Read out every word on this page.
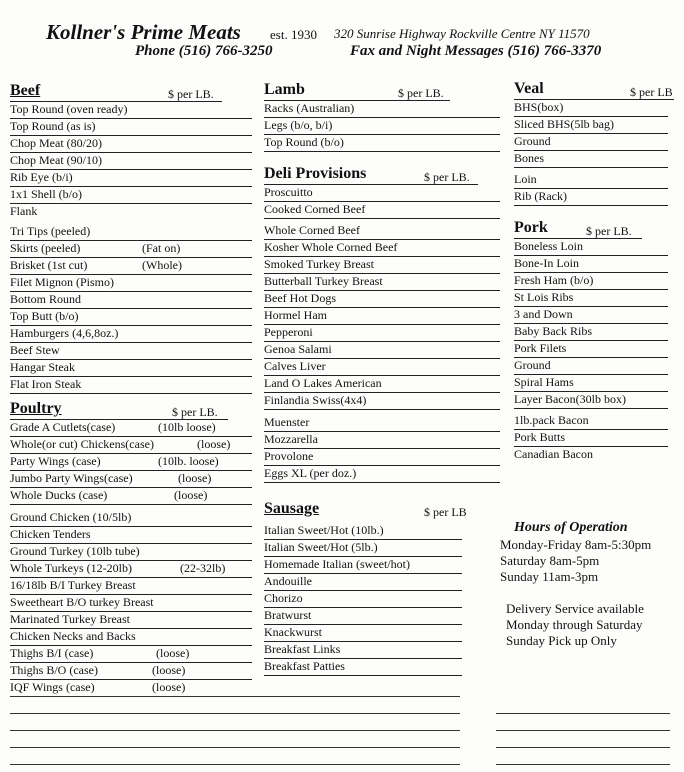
Kollner's Prime Meats est. 1930 320 Sunrise Highway Rockville Centre NY 11570
Phone (516) 766-3250	Fax and Night Messages (516) 766-3370
Beef	$ per LB.
Top Round (oven ready)
Top Round (as is)
Chop Meat (80/20)
Chop Meat (90/10)
Rib Eye (b/i)
1x1 Shell (b/o)
Flank
Tri Tips (peeled)
Skirts (peeled)	(Fat on)
Brisket (1st cut)	(Whole)
Filet Mignon (Pismo)
Bottom Round
Top Butt (b/o)
Hamburgers (4,6,8oz.)
Beef Stew
Hangar Steak
Flat Iron Steak
Poultry	$ per LB.
Grade A Cutlets(case)	(10lb loose)
Whole(or cut) Chickens(case)	(loose)
Party Wings (case)	(10lb. loose)
Jumbo Party Wings(case)	(loose)
Whole Ducks (case)	(loose)
Ground Chicken (10/5lb)
Chicken Tenders
Ground Turkey (10lb tube)
Whole Turkeys (12-20lb)	(22-32lb)
16/18lb B/I Turkey Breast
Sweetheart B/O turkey Breast
Marinated Turkey Breast
Chicken Necks and Backs
Thighs B/I (case)	(loose)
Thighs B/O (case)	(loose)
IQF Wings (case)	(loose)
Lamb	$ per LB.
Racks (Australian)
Legs (b/o, b/i)
Top Round (b/o)
Deli Provisions	$ per LB.
Proscuitto
Cooked Corned Beef
Whole Corned Beef
Kosher Whole Corned Beef
Smoked Turkey Breast
Butterball Turkey Breast
Beef Hot Dogs
Hormel Ham
Pepperoni
Genoa Salami
Calves Liver
Land O Lakes American
Finlandia Swiss(4x4)
Muenster
Mozzarella
Provolone
Eggs XL (per doz.)
Sausage	$ per LB
Italian Sweet/Hot (10lb.)
Italian Sweet/Hot (5lb.)
Homemade Italian (sweet/hot)
Andouille
Chorizo
Bratwurst
Knackwurst
Breakfast Links
Breakfast Patties
Veal	$ per LB
BHS(box)
Sliced BHS(5lb bag)
Ground
Bones
Loin
Rib (Rack)
Pork	$ per LB.
Boneless Loin
Bone-In Loin
Fresh Ham (b/o)
St Lois Ribs
3 and Down
Baby Back Ribs
Pork Filets
Ground
Spiral Hams
Layer Bacon(30lb box)
1lb.pack Bacon
Pork Butts
Canadian Bacon
Hours of Operation
Monday-Friday 8am-5:30pm
Saturday 8am-5pm
Sunday 11am-3pm
Delivery Service available
Monday through Saturday
Sunday Pick up Only
